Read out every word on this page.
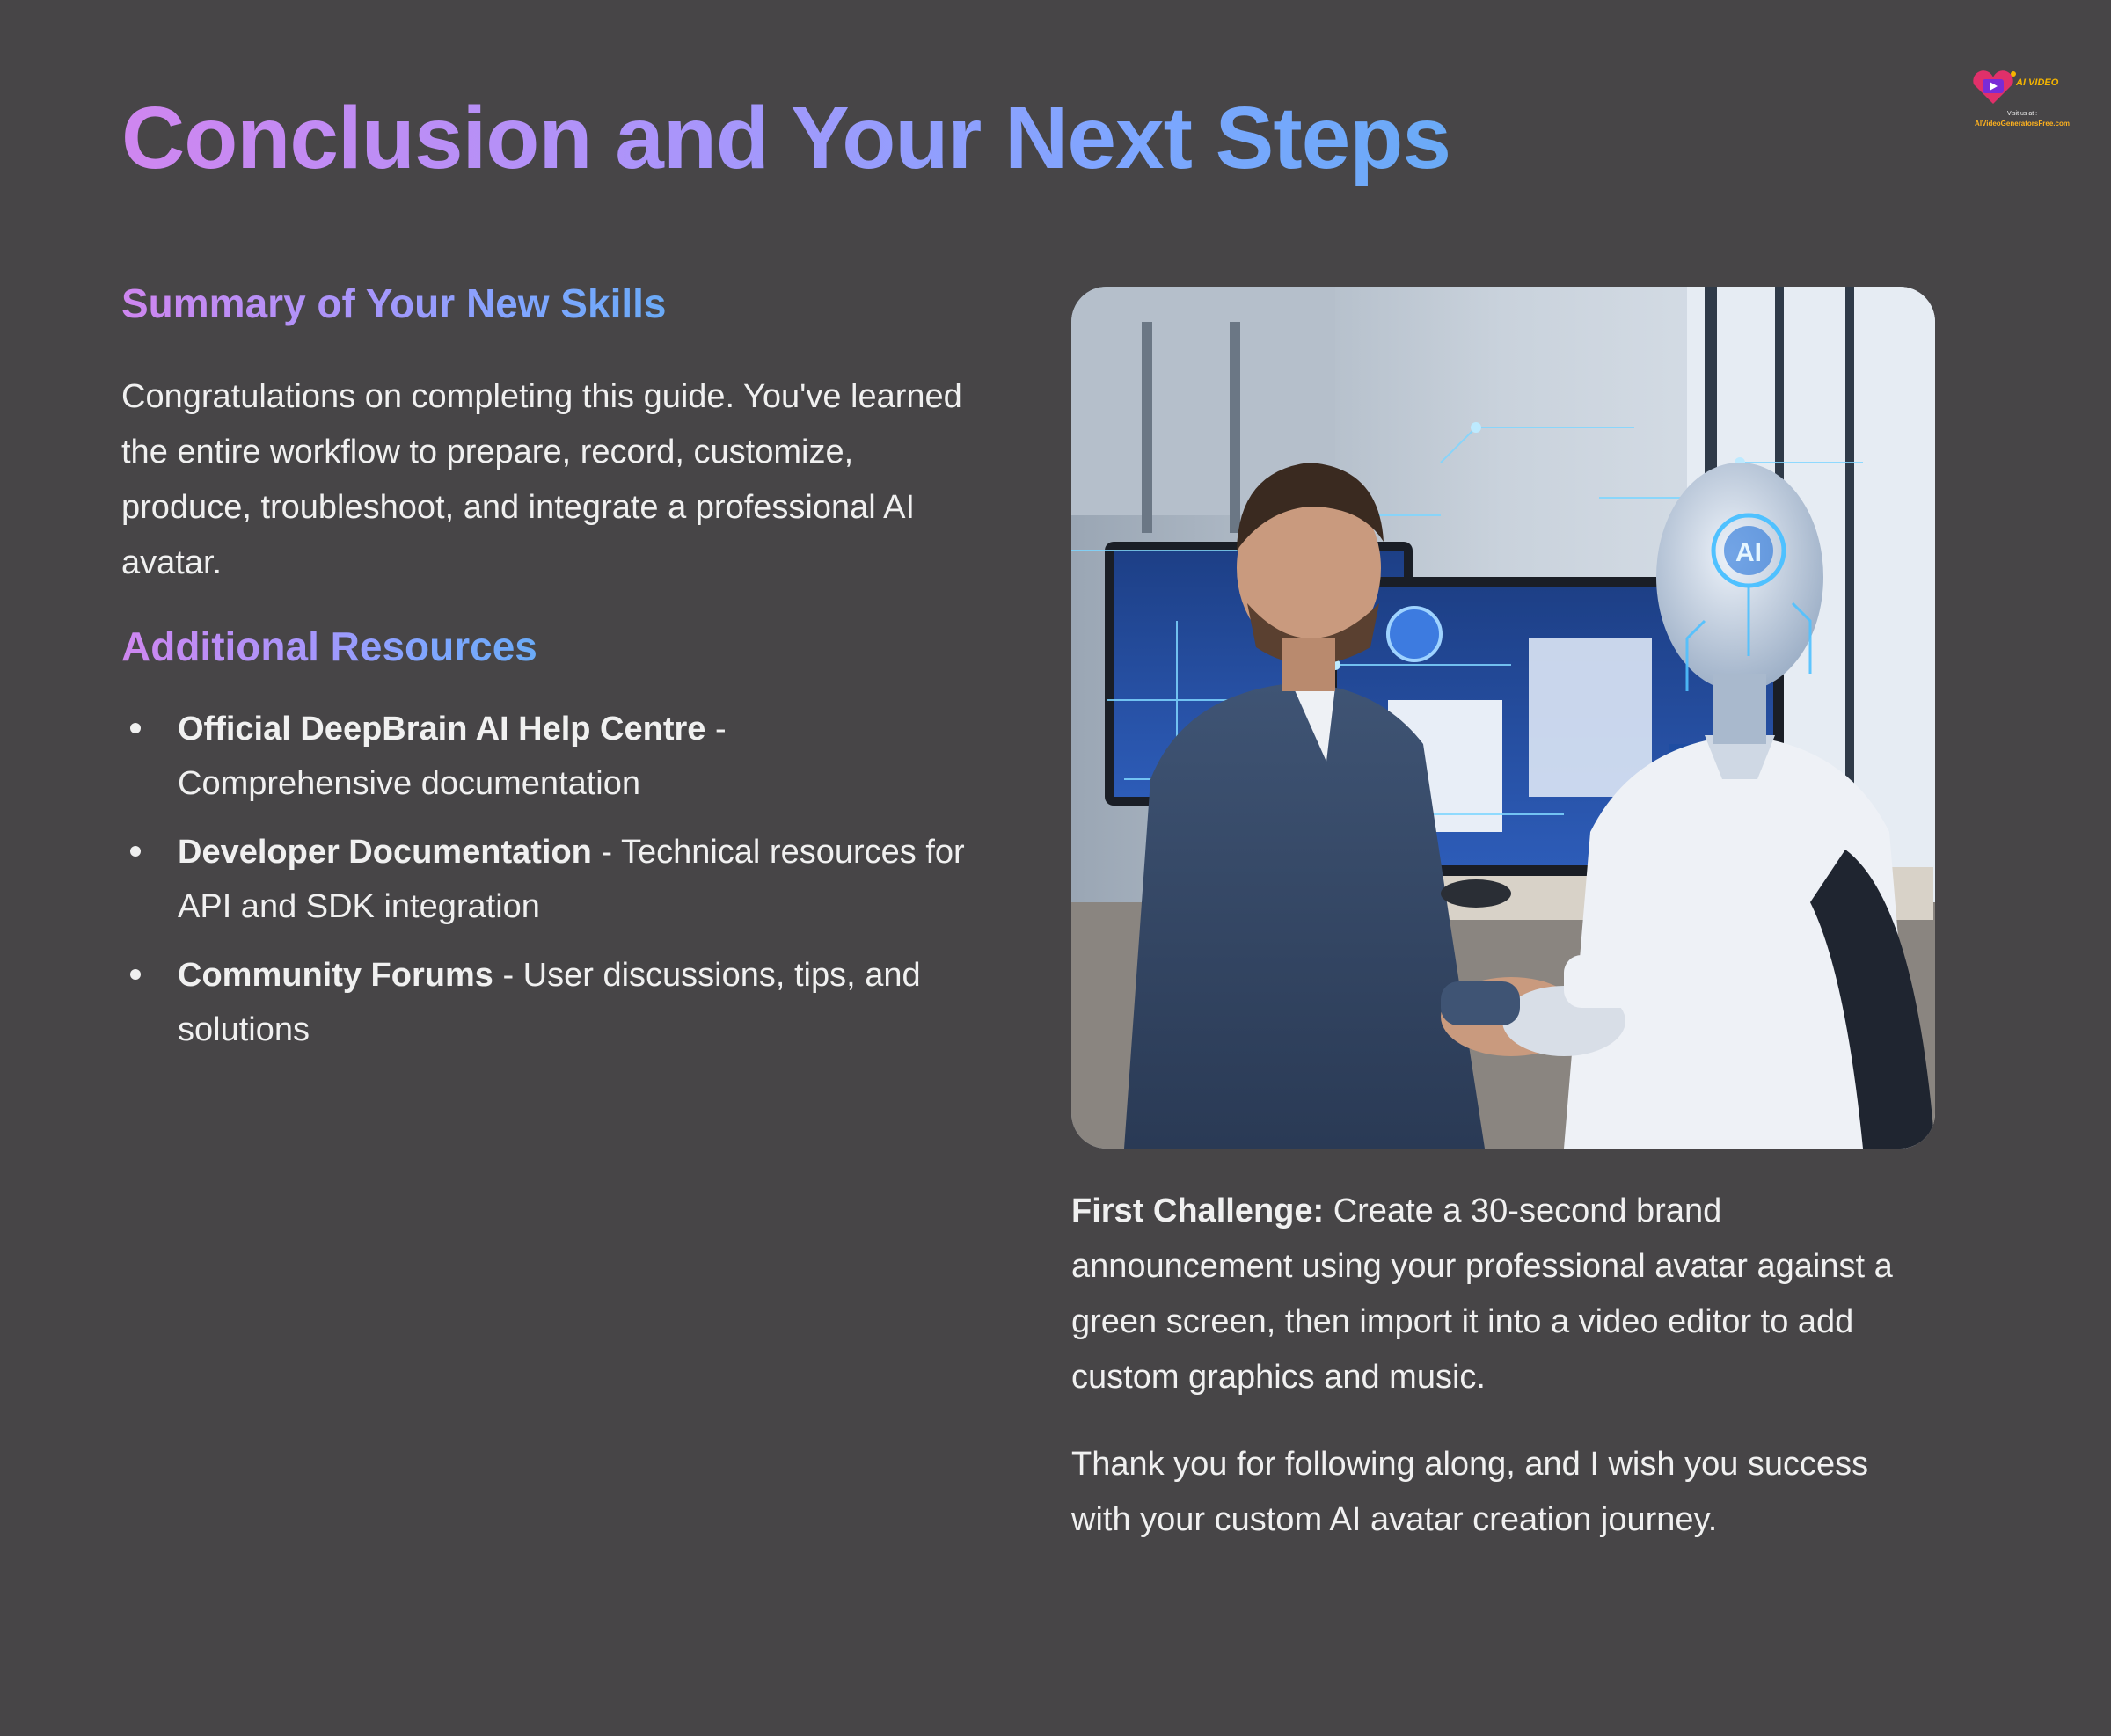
Conclusion and Your Next Steps
AI VIDEO
Visit us at :
AIVideoGeneratorsFree.com
Summary of Your New Skills

Congratulations on completing this guide. You've learned the entire workflow to prepare, record, customize, produce, troubleshoot, and integrate a professional AI avatar.

Additional Resources
Official DeepBrain AI Help Centre - Comprehensive documentation
Developer Documentation - Technical resources for API and SDK integration
Community Forums - User discussions, tips, and solutions
AI

First Challenge: Create a 30-second brand announcement using your professional avatar against a green screen, then import it into a video editor to add custom graphics and music.

Thank you for following along, and I wish you success with your custom AI avatar creation journey.
